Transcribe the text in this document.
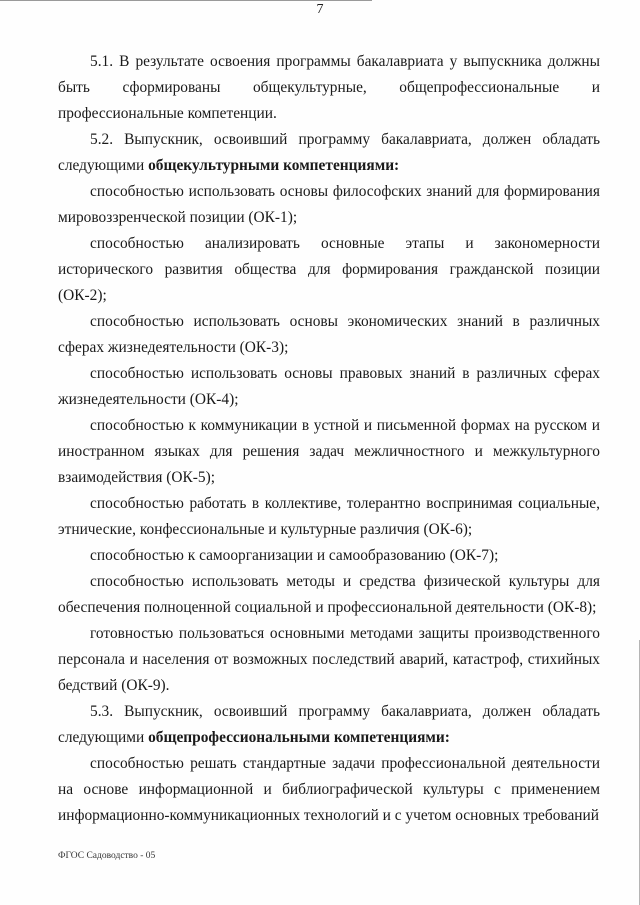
7

5.1. В результате освоения программы бакалавриата у выпускника должны быть сформированы общекультурные, общепрофессиональные и профессиональные компетенции.

5.2. Выпускник, освоивший программу бакалавриата, должен обладать следующими общекультурными компетенциями:

способностью использовать основы философских знаний для формирования мировоззренческой позиции (ОК-1);

способностью анализировать основные этапы и закономерности исторического развития общества для формирования гражданской позиции (ОК-2);

способностью использовать основы экономических знаний в различных сферах жизнедеятельности (ОК-3);

способностью использовать основы правовых знаний в различных сферах жизнедеятельности (ОК-4);

способностью к коммуникации в устной и письменной формах на русском и иностранном языках для решения задач межличностного и межкультурного взаимодействия (ОК-5);

способностью работать в коллективе, толерантно воспринимая социальные, этнические, конфессиональные и культурные различия (ОК-6);

способностью к самоорганизации и самообразованию (ОК-7);

способностью использовать методы и средства физической культуры для обеспечения полноценной социальной и профессиональной деятельности (ОК-8);

готовностью пользоваться основными методами защиты производственного персонала и населения от возможных последствий аварий, катастроф, стихийных бедствий (ОК-9).

5.3. Выпускник, освоивший программу бакалавриата, должен обладать следующими общепрофессиональными компетенциями:

способностью решать стандартные задачи профессиональной деятельности на основе информационной и библиографической культуры с применением информационно-коммуникационных технологий и с учетом основных требований

ФГОС Садоводство - 05
